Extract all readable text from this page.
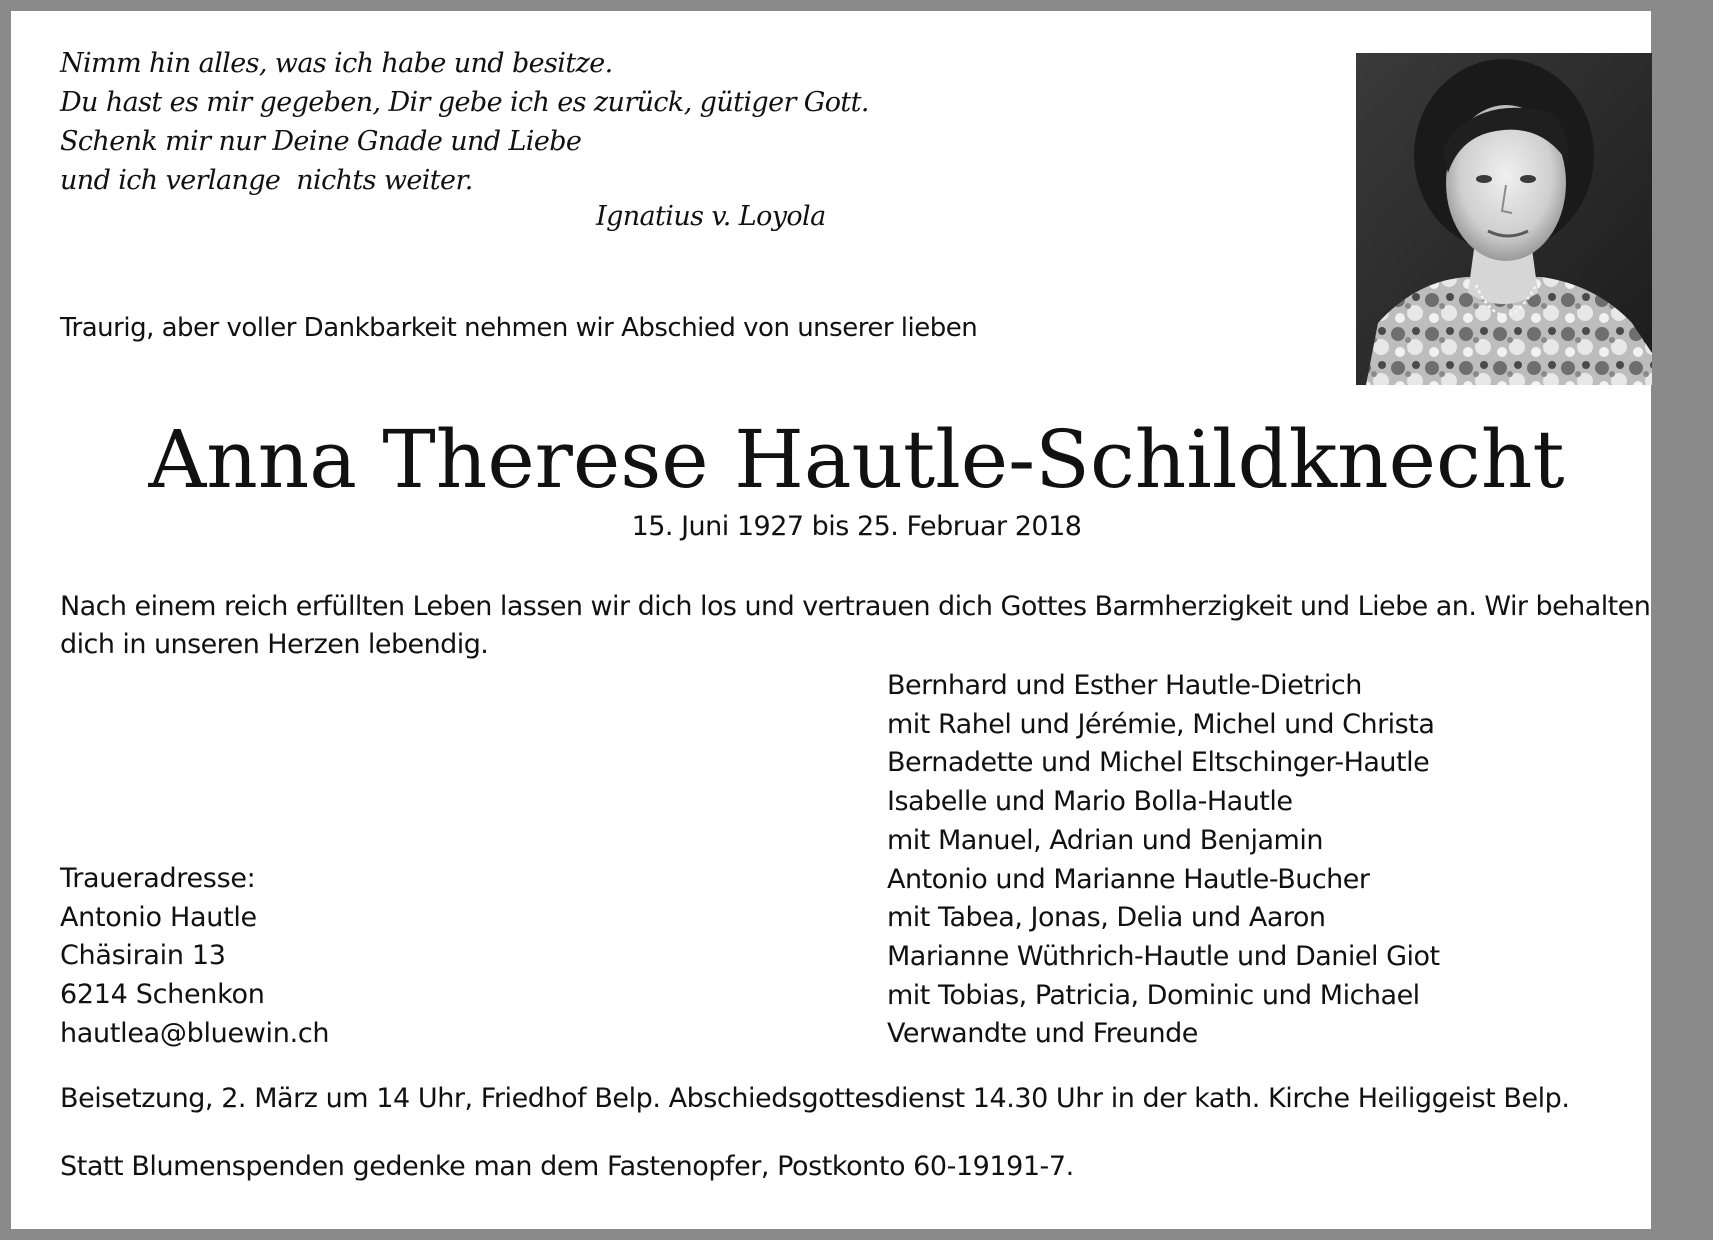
Nimm hin alles, was ich habe und besitze.
Du hast es mir gegeben, Dir gebe ich es zurück, gütiger Gott.
Schenk mir nur Deine Gnade und Liebe
und ich verlange  nichts weiter.
Ignatius v. Loyola
Traurig, aber voller Dankbarkeit nehmen wir Abschied von unserer lieben
Anna Therese Hautle-Schildknecht
15. Juni 1927 bis 25. Februar 2018
Nach einem reich erfüllten Leben lassen wir dich los und vertrauen dich Gottes Barmherzigkeit und Liebe an. Wir behalten dich in unseren Herzen lebendig.
Bernhard und Esther Hautle-Dietrich
mit Rahel und Jérémie, Michel und Christa
Bernadette und Michel Eltschinger-Hautle
Isabelle und Mario Bolla-Hautle
mit Manuel, Adrian und Benjamin
Antonio und Marianne Hautle-Bucher
mit Tabea, Jonas, Delia und Aaron
Marianne Wüthrich-Hautle und Daniel Giot
mit Tobias, Patricia, Dominic und Michael
Verwandte und Freunde
Traueradresse:
Antonio Hautle
Chäsirain 13
6214 Schenkon
hautlea@bluewin.ch
Beisetzung, 2. März um 14 Uhr, Friedhof Belp. Abschiedsgottesdienst 14.30 Uhr in der kath. Kirche Heiliggeist Belp.
Statt Blumenspenden gedenke man dem Fastenopfer, Postkonto 60-19191-7.
